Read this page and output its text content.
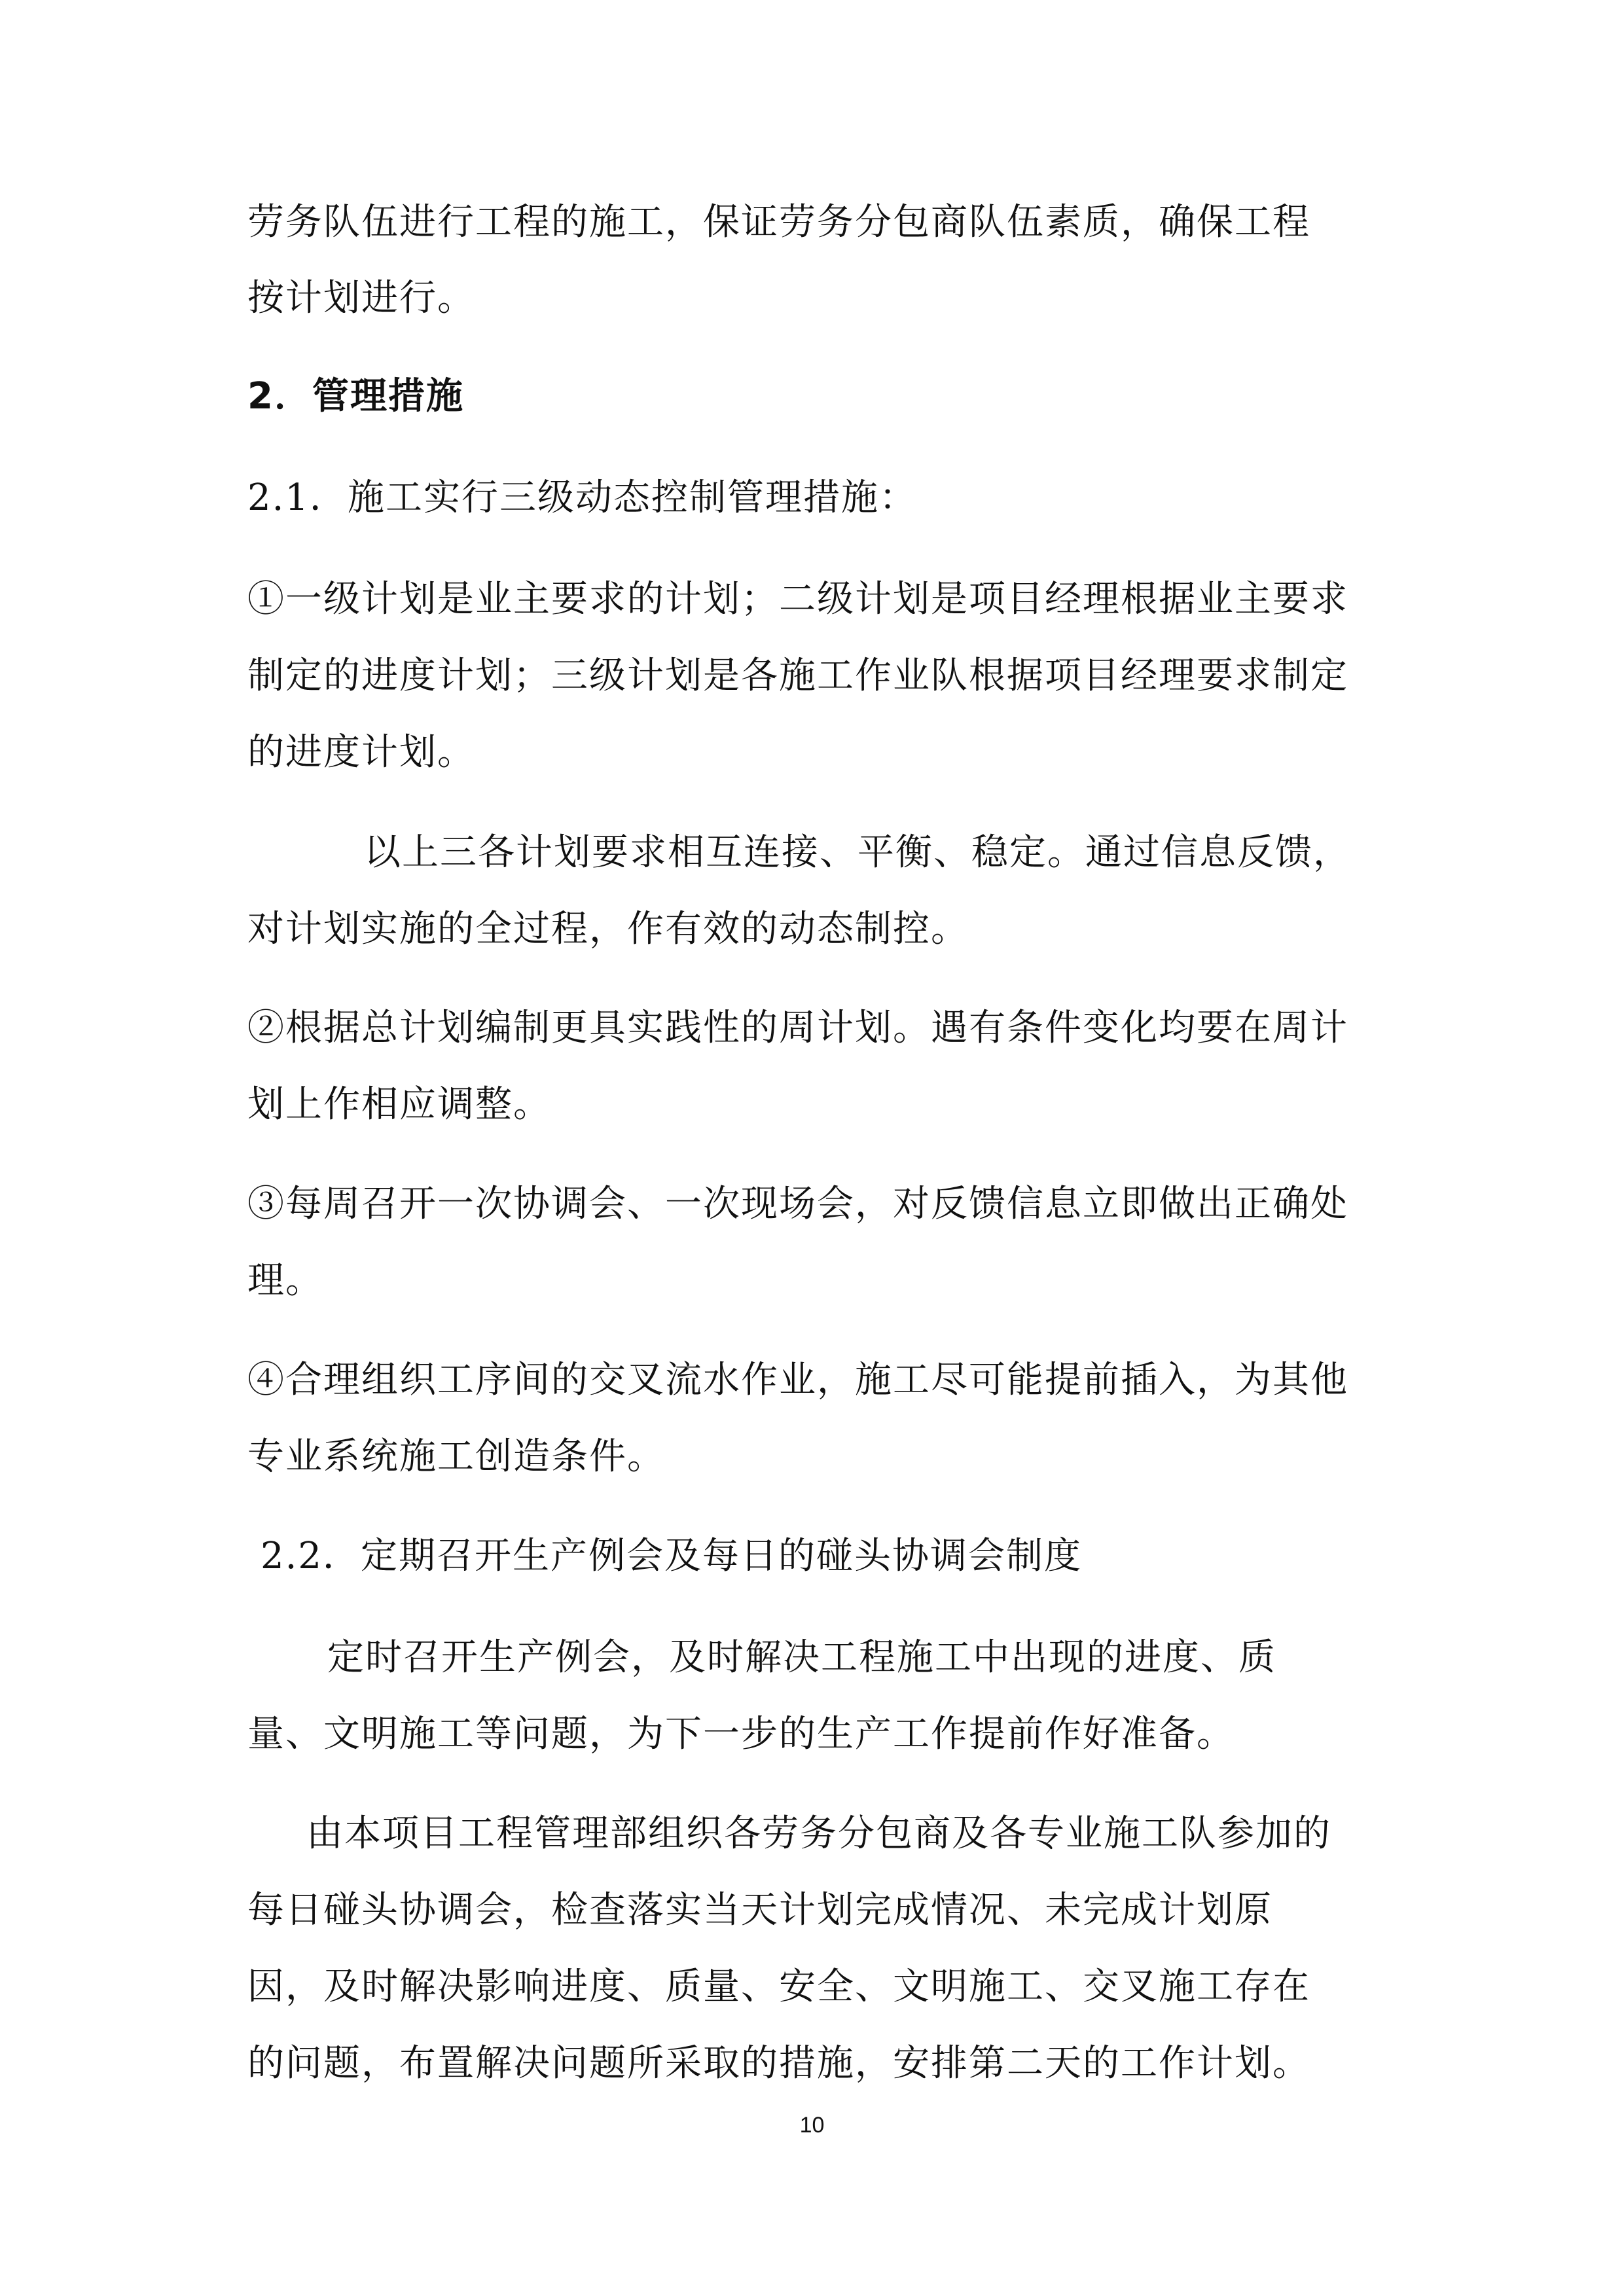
劳务队伍进行工程的施工，保证劳务分包商队伍素质，确保工程

按计划进行。

2．管理措施

2.1．施工实行三级动态控制管理措施：

①一级计划是业主要求的计划；二级计划是项目经理根据业主要求

制定的进度计划；三级计划是各施工作业队根据项目经理要求制定

的进度计划。

以上三各计划要求相互连接、平衡、稳定。通过信息反馈，

对计划实施的全过程，作有效的动态制控。

②根据总计划编制更具实践性的周计划。遇有条件变化均要在周计

划上作相应调整。

③每周召开一次协调会、一次现场会，对反馈信息立即做出正确处

理。

④合理组织工序间的交叉流水作业，施工尽可能提前插入，为其他

专业系统施工创造条件。

2.2．定期召开生产例会及每日的碰头协调会制度

定时召开生产例会，及时解决工程施工中出现的进度、质

量、文明施工等问题，为下一步的生产工作提前作好准备。

由本项目工程管理部组织各劳务分包商及各专业施工队参加的

每日碰头协调会，检查落实当天计划完成情况、未完成计划原

因，及时解决影响进度、质量、安全、文明施工、交叉施工存在

的问题，布置解决问题所采取的措施，安排第二天的工作计划。

10
